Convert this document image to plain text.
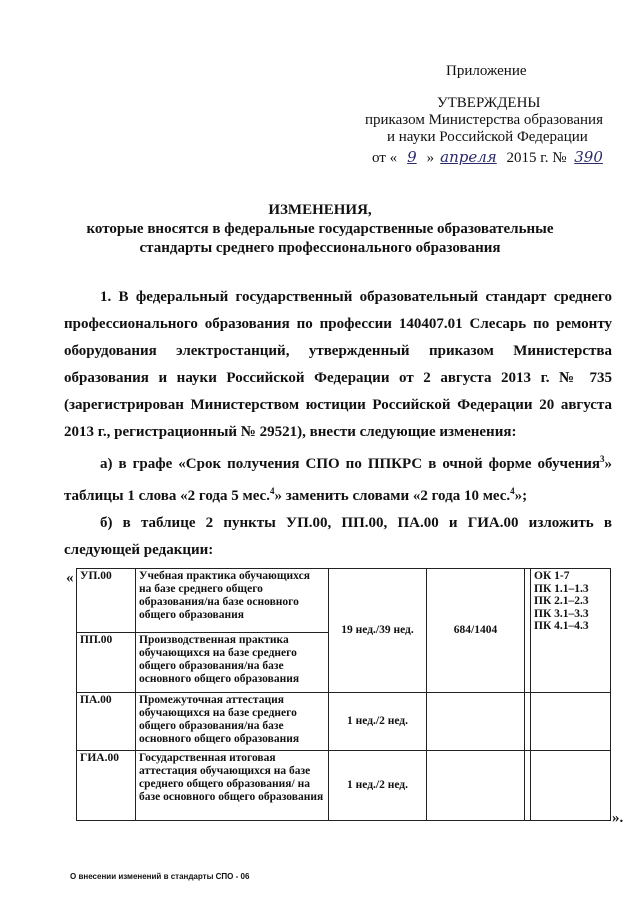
Приложение
УТВЕРЖДЕНЫ
приказом Министерства образования
и науки Российской Федерации
от « 9 » апреля 2015 г. № 390
ИЗМЕНЕНИЯ,
которые вносятся в федеральные государственные образовательные
стандарты среднего профессионального образования

1. В федеральный государственный образовательный стандарт среднего профессионального образования по профессии 140407.01 Слесарь по ремонту оборудования электростанций, утвержденный приказом Министерства образования и науки Российской Федерации от 2 августа 2013 г. № 735 (зарегистрирован Министерством юстиции Российской Федерации 20 августа 2013 г., регистрационный № 29521), внести следующие изменения:

а) в графе «Срок получения СПО по ППКРС в очной форме обучения$^3$» таблицы 1 слова «2 года 5 мес.$^4$» заменить словами «2 года 10 мес.$^4$»;

б) в таблице 2 пункты УП.00, ПП.00, ПА.00 и ГИА.00 изложить в следующей редакции:

« УП.00	Учебная практика обучающихся на базе среднего общего образования/на базе основного общего образования	19 нед./39 нед.	684/1404		ОК 1-7
ПК 1.1–1.3
ПК 2.1–2.3
ПК 3.1–3.3
ПК 4.1–4.3

ПП.00	Производственная практика обучающихся на базе среднего общего образования/на базе основного общего образования				
ПА.00	Промежуточная аттестация обучающихся на базе среднего общего образования/на базе основного общего образования	1 нед./2 нед.			
ГИА.00	Государственная итоговая аттестация обучающихся на базе среднего общего образования/ на базе основного общего образования	1 нед./2 нед.			
».
О внесении изменений в стандарты СПО - 06
